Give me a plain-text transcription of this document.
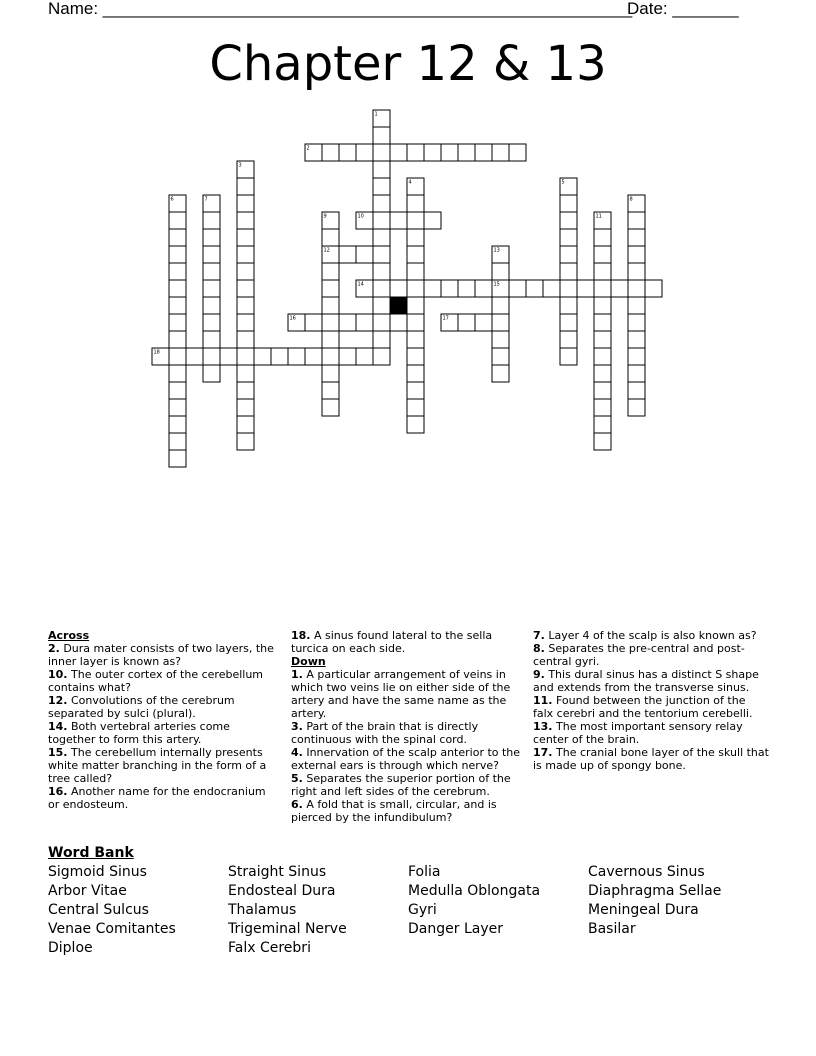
Name: ________________________________________________________
Date: _______
Chapter 12 & 13
1
2
3
4	5
6	7	8
9	10	11
12	13
14	15
16	17
18
Across
2. Dura mater consists of two layers, the inner layer is known as?
10. The outer cortex of the cerebellum contains what?
12. Convolutions of the cerebrum separated by sulci (plural).
14. Both vertebral arteries come together to form this artery.
15. The cerebellum internally presents white matter branching in the form of a tree called?
16. Another name for the endocranium or endosteum.
18. A sinus found lateral to the sella turcica on each side.
Down
1. A particular arrangement of veins in which two veins lie on either side of the artery and have the same name as the artery.
3. Part of the brain that is directly continuous with the spinal cord.
4. Innervation of the scalp anterior to the external ears is through which nerve?
5. Separates the superior portion of the right and left sides of the cerebrum.
6. A fold that is small, circular, and is pierced by the infundibulum?
7. Layer 4 of the scalp is also known as?
8. Separates the pre-central and post-central gyri.
9. This dural sinus has a distinct S shape and extends from the transverse sinus.
11. Found between the junction of the falx cerebri and the tentorium cerebelli.
13. The most important sensory relay center of the brain.
17. The cranial bone layer of the skull that is made up of spongy bone.
Word Bank
Sigmoid Sinus
Arbor Vitae
Central Sulcus
Venae Comitantes
Diploe
Straight Sinus
Endosteal Dura
Thalamus
Trigeminal Nerve
Falx Cerebri
Folia
Medulla Oblongata
Gyri
Danger Layer
Cavernous Sinus
Diaphragma Sellae
Meningeal Dura
Basilar
